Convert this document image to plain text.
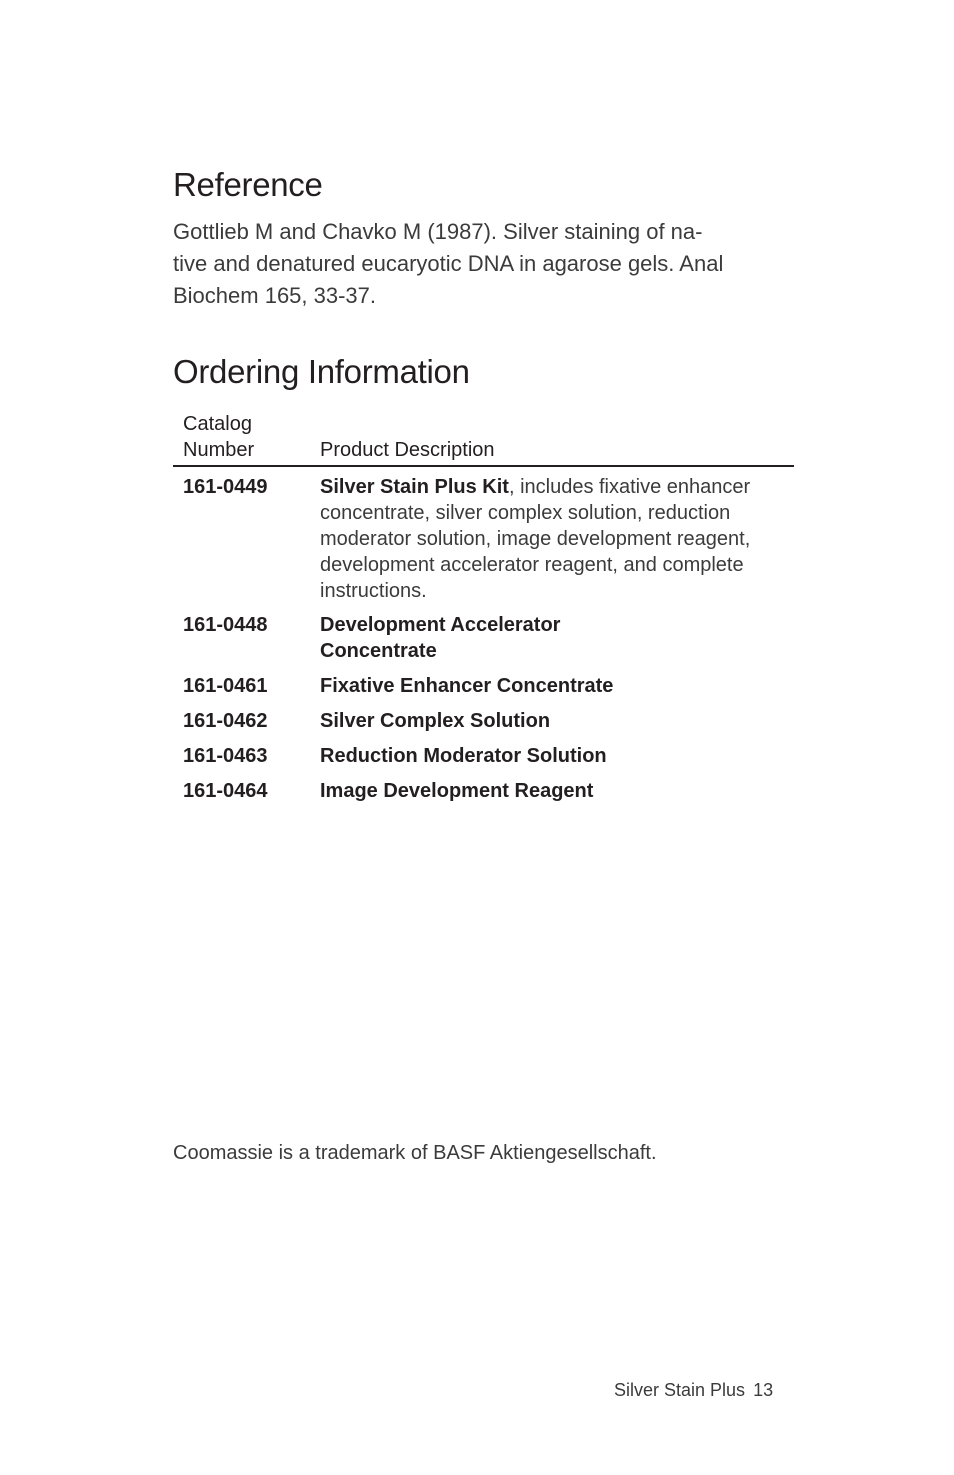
Reference
Gottlieb M and Chavko M (1987). Silver staining of na-
tive and denatured eucaryotic DNA in agarose gels. Anal
Biochem 165, 33-37.
Ordering Information
Catalog
Number	Product Description
161-0449	Silver Stain Plus Kit, includes fixative enhancer
concentrate, silver complex solution, reduction
moderator solution, image development reagent,
development accelerator reagent, and complete
instructions.
161-0448	Development Accelerator
Concentrate
161-0461	Fixative Enhancer Concentrate
161-0462	Silver Complex Solution
161-0463	Reduction Moderator Solution
161-0464	Image Development Reagent
Coomassie is a trademark of BASF Aktiengesellschaft.
Silver Stain Plus 13
